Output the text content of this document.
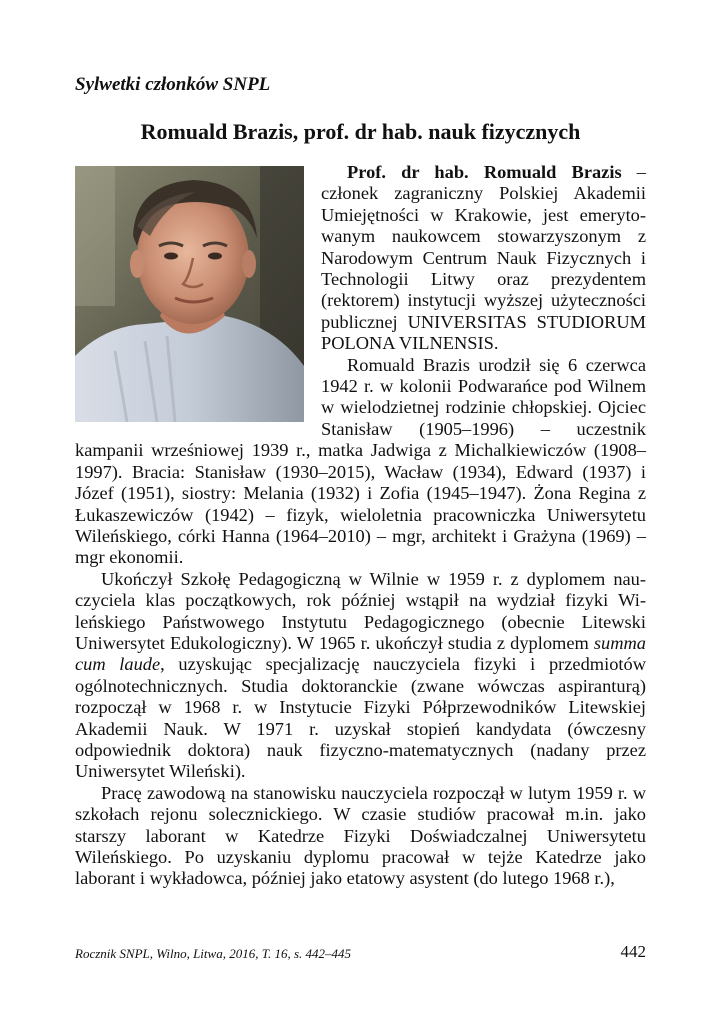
Sylwetki członków SNPL
Romuald Brazis, prof. dr hab. nauk fizycznych

Prof. dr hab. Romuald Brazis – członek zagraniczny Polskiej Akademii Umiejętności w Krakowie, jest emerytowanym naukowcem stowarzyszonym z Narodowym Centrum Nauk Fizycznych i Technologii Litwy oraz prezydentem (rektorem) instytucji wyższej użyteczności publicznej UNIVERSITAS STUDIORUM POLONA VILNENSIS.

Romuald Brazis urodził się 6 czerwca 1942 r. w kolonii Podwarańce pod Wilnem w wielodzietnej rodzinie chłopskiej. Ojciec Stanisław (1905–1996) – uczestnik kampanii wrześniowej 1939 r., matka Jadwiga z Michalkiewiczów (1908–1997). Bracia: Stanisław (1930–2015), Wacław (1934), Edward (1937) i Józef (1951), siostry: Melania (1932) i Zofia (1945–1947). Żona Regina z Łukaszewiczów (1942) – fizyk, wieloletnia pracowniczka Uniwersytetu Wileńskiego, córki Hanna (1964–2010) – mgr, architekt i Grażyna (1969) – mgr ekonomii.

Ukończył Szkołę Pedagogiczną w Wilnie w 1959 r. z dyplomem nauczyciela klas początkowych, rok później wstąpił na wydział fizyki Wileńskiego Państwowego Instytutu Pedagogicznego (obecnie Litewski Uniwersytet Edukologiczny). W 1965 r. ukończył studia z dyplomem summa cum laude, uzyskując specjalizację nauczyciela fizyki i przedmiotów ogólnotechnicznych. Studia doktoranckie (zwane wówczas aspiranturą) rozpoczął w 1968 r. w Instytucie Fizyki Półprzewodników Litewskiej Akademii Nauk. W 1971 r. uzyskał stopień kandydata (ówczesny odpowiednik doktora) nauk fizyczno-matematycznych (nadany przez Uniwersytet Wileński).

Pracę zawodową na stanowisku nauczyciela rozpoczął w lutym 1959 r. w szkołach rejonu solecznickiego. W czasie studiów pracował m.in. jako starszy laborant w Katedrze Fizyki Doświadczalnej Uniwersytetu Wileńskiego. Po uzyskaniu dyplomu pracował w tejże Katedrze jako laborant i wykładowca, później jako etatowy asystent (do lutego 1968 r.),

Rocznik SNPL, Wilno, Litwa, 2016, T. 16, s. 442–445	442
